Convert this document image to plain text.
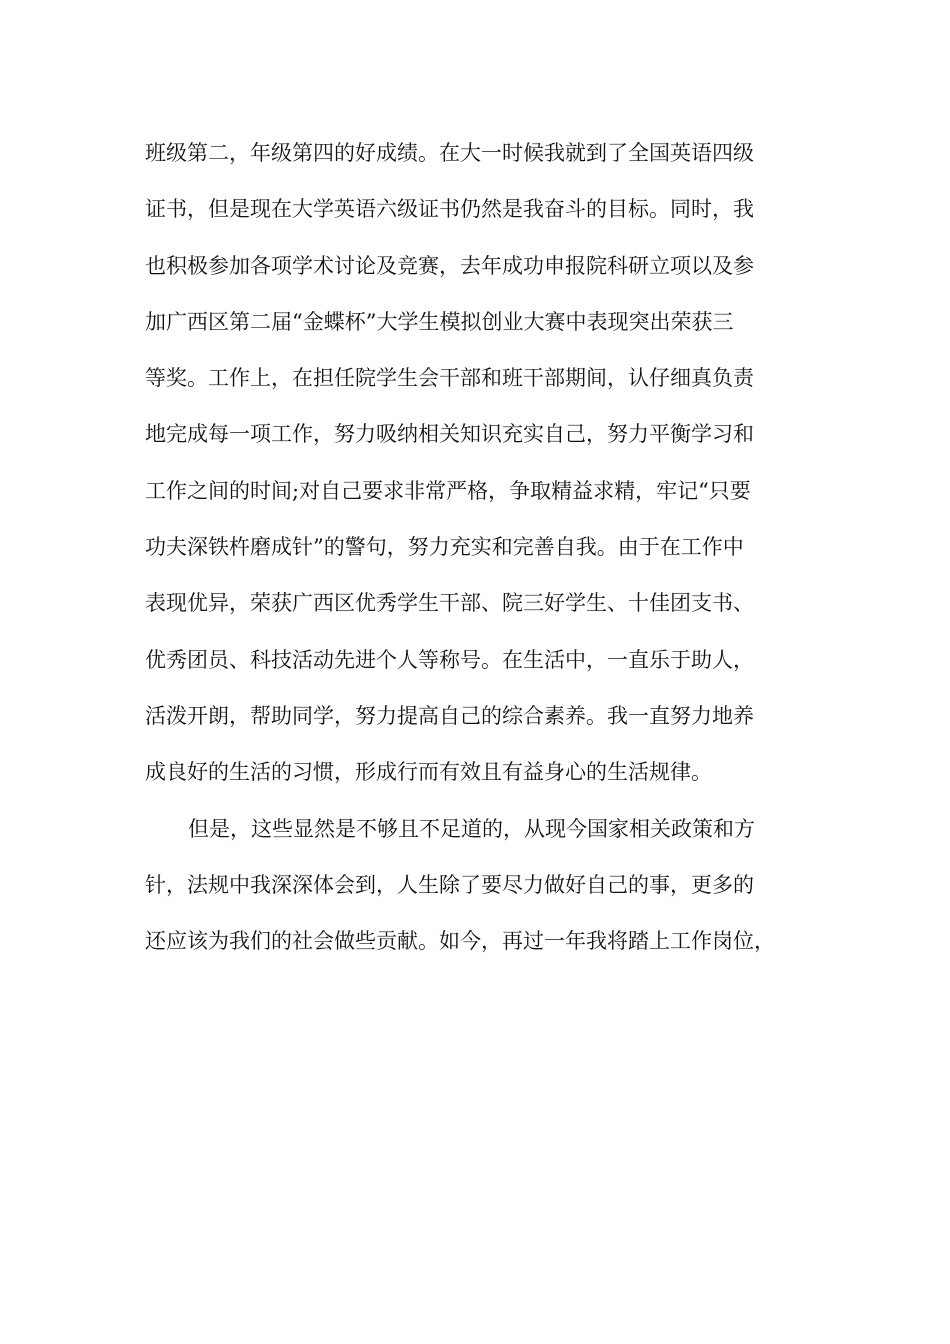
班级第二，年级第四的好成绩。在大一时候我就到了全国英语四级
证书，但是现在大学英语六级证书仍然是我奋斗的目标。同时，我
也积极参加各项学术讨论及竞赛，去年成功申报院科研立项以及参
加广西区第二届“金蝶杯”大学生模拟创业大赛中表现突出荣获三
等奖。工作上，在担任院学生会干部和班干部期间，认仔细真负责
地完成每一项工作，努力吸纳相关知识充实自己，努力平衡学习和
工作之间的时间;对自己要求非常严格，争取精益求精，牢记“只要
功夫深铁杵磨成针”的警句，努力充实和完善自我。由于在工作中
表现优异，荣获广西区优秀学生干部、院三好学生、十佳团支书、
优秀团员、科技活动先进个人等称号。在生活中，一直乐于助人，
活泼开朗，帮助同学，努力提高自己的综合素养。我一直努力地养
成良好的生活的习惯，形成行而有效且有益身心的生活规律。
但是，这些显然是不够且不足道的，从现今国家相关政策和方
针，法规中我深深体会到，人生除了要尽力做好自己的事，更多的
还应该为我们的社会做些贡献。如今，再过一年我将踏上工作岗位，
